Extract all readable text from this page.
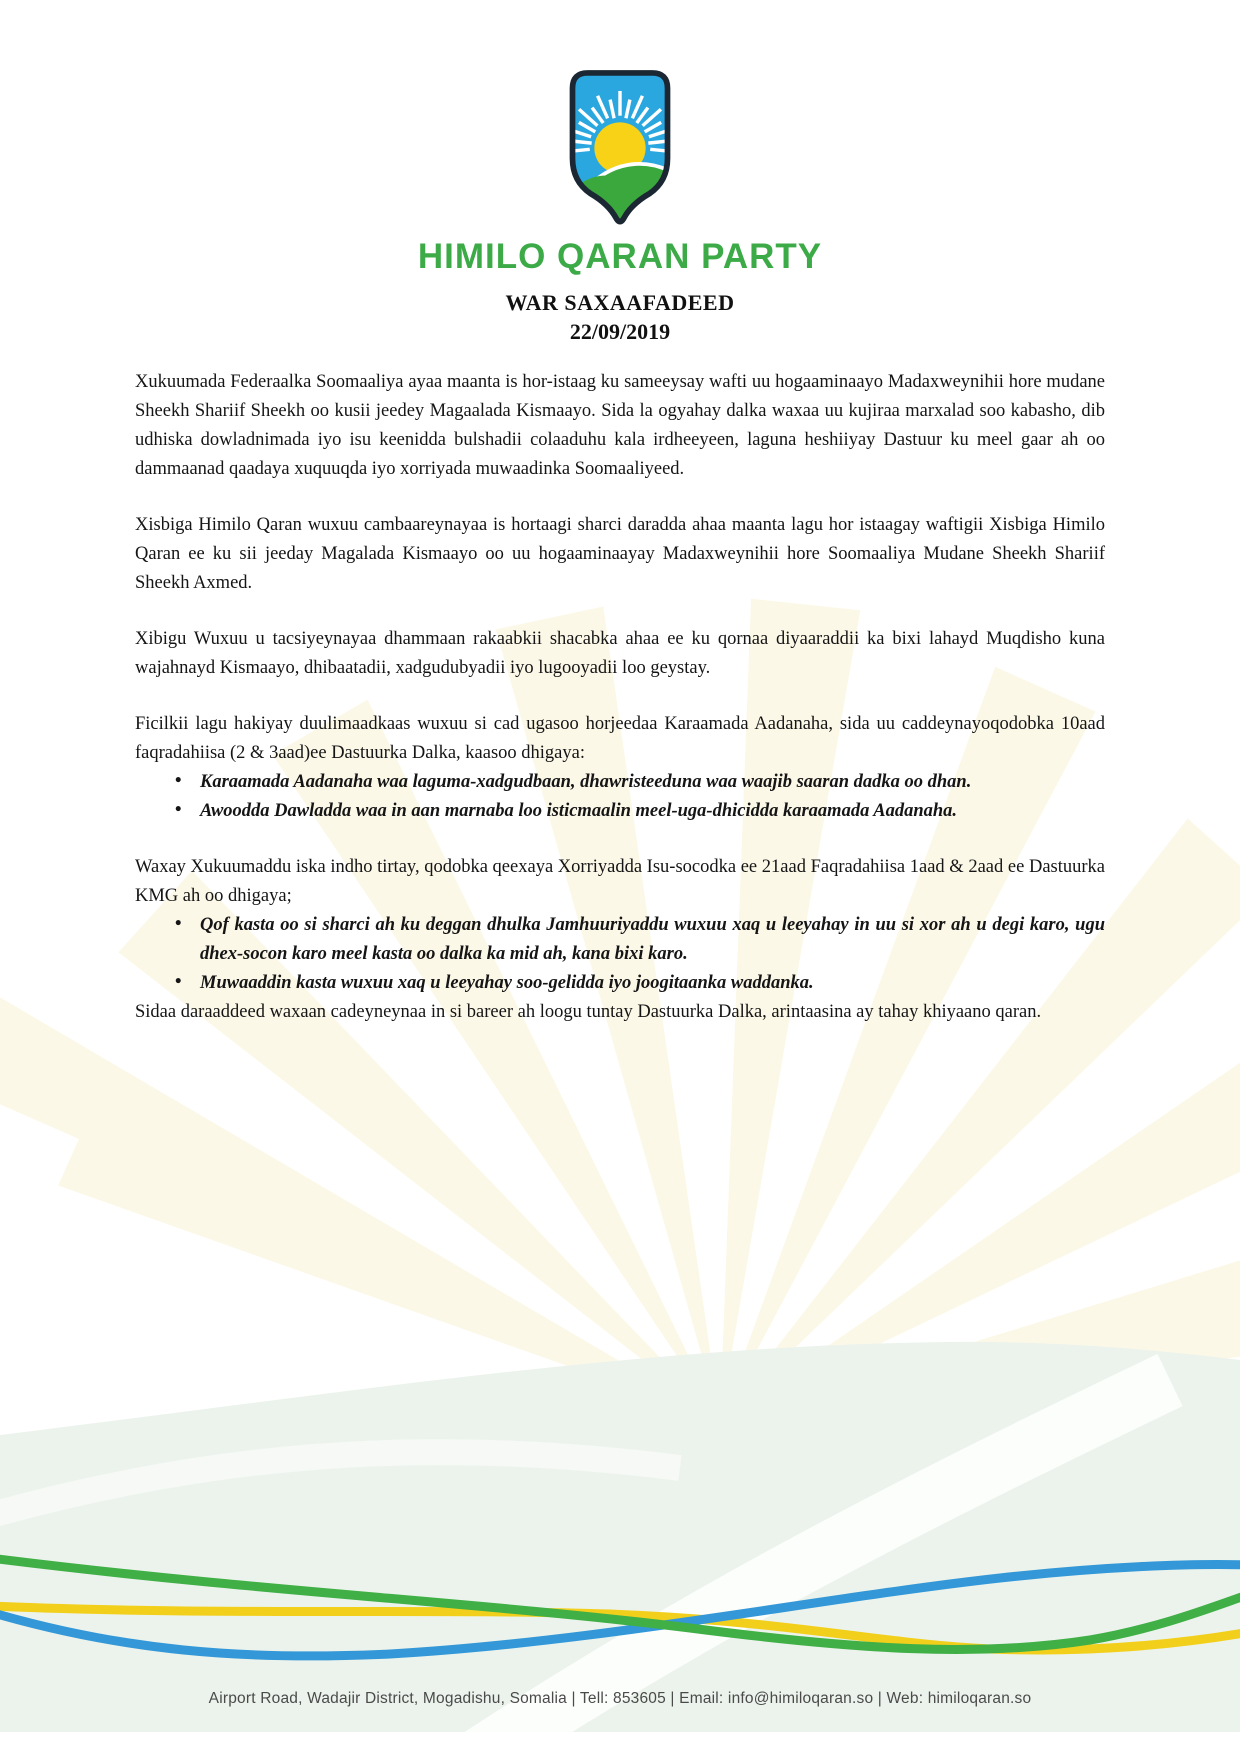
HIMILO QARAN PARTY
WAR SAXAAFADEED
22/09/2019

Xukuumada Federaalka Soomaaliya ayaa maanta is hor-istaag ku sameeysay wafti uu hogaaminaayo Madaxweynihii hore mudane Sheekh Shariif Sheekh oo kusii jeedey Magaalada Kismaayo. Sida la ogyahay dalka waxaa uu kujiraa marxalad soo kabasho, dib udhiska dowladnimada iyo isu keenidda bulshadii colaaduhu kala irdheeyeen, laguna heshiiyay Dastuur ku meel gaar ah oo dammaanad qaadaya xuquuqda iyo xorriyada muwaadinka Soomaaliyeed.

Xisbiga Himilo Qaran wuxuu cambaareynayaa is hortaagi sharci daradda ahaa maanta lagu hor istaagay waftigii Xisbiga Himilo Qaran ee ku sii jeeday Magalada Kismaayo oo uu hogaaminaayay Madaxweynihii hore Soomaaliya Mudane Sheekh Shariif Sheekh Axmed.

Xibigu Wuxuu u tacsiyeynayaa dhammaan rakaabkii shacabka ahaa ee ku qornaa diyaaraddii ka bixi lahayd Muqdisho kuna wajahnayd Kismaayo, dhibaatadii, xadgudubyadii iyo lugooyadii loo geystay.

Ficilkii lagu hakiyay duulimaadkaas wuxuu si cad ugasoo horjeedaa Karaamada Aadanaha, sida uu caddeynayoqodobka 10aad faqradahiisa (2 & 3aad)ee Dastuurka Dalka, kaasoo dhigaya:

• Karaamada Aadanaha waa laguma-xadgudbaan, dhawristeeduna waa waajib saaran dadka oo dhan.
• Awoodda Dawladda waa in aan marnaba loo isticmaalin meel-uga-dhicidda karaamada Aadanaha.

Waxay Xukuumaddu iska indho tirtay, qodobka qeexaya Xorriyadda Isu-socodka ee 21aad Faqradahiisa 1aad & 2aad ee Dastuurka KMG ah oo dhigaya;

• Qof kasta oo si sharci ah ku deggan dhulka Jamhuuriyaddu wuxuu xaq u leeyahay in uu si xor ah u degi karo, ugu dhex-socon karo meel kasta oo dalka ka mid ah, kana bixi karo.
• Muwaaddin kasta wuxuu xaq u leeyahay soo-gelidda iyo joogitaanka waddanka.

Sidaa daraaddeed waxaan cadeyneynaa in si bareer ah loogu tuntay Dastuurka Dalka, arintaasina ay tahay khiyaano qaran.

Airport Road, Wadajir District, Mogadishu, Somalia | Tell: 853605 | Email: info@himiloqaran.so | Web: himiloqaran.so
